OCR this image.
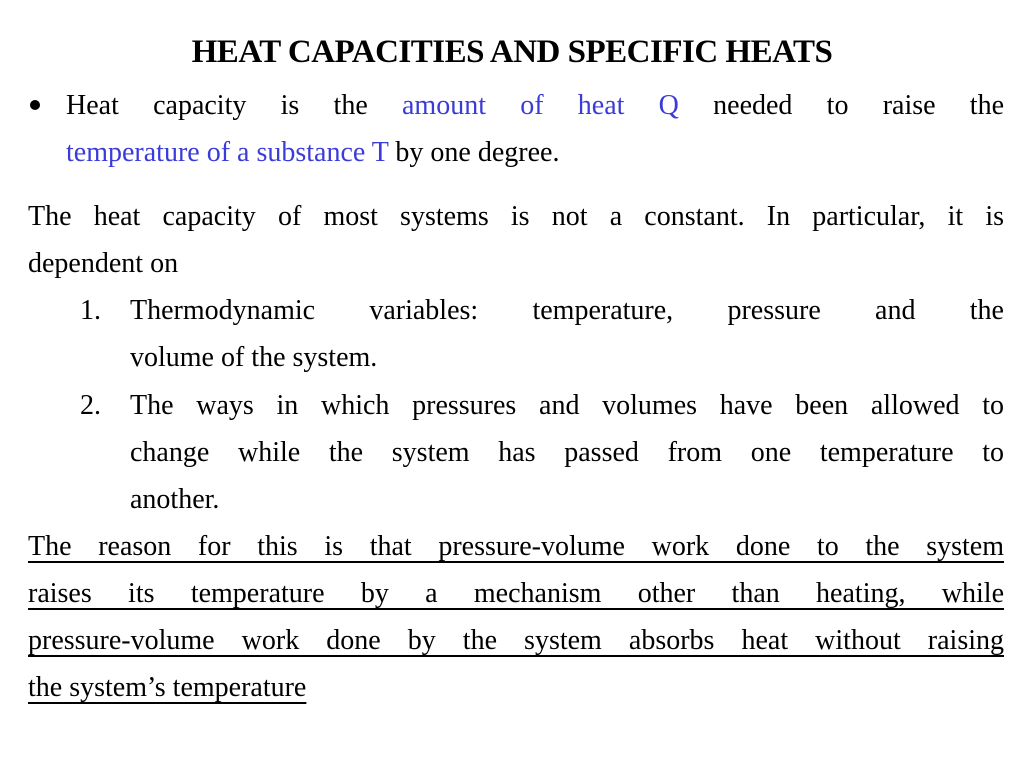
HEAT CAPACITIES AND SPECIFIC HEATS
Heat capacity is the amount of heat Q needed to raise the
temperature of a substance T by one degree.
The heat capacity of most systems is not a constant. In particular, it is
dependent on
1. Thermodynamic variables: temperature, pressure and the
volume of the system.
2. The ways in which pressures and volumes have been allowed to
change while the system has passed from one temperature to
another.
The reason for this is that pressure-volume work done to the system
raises its temperature by a mechanism other than heating, while
pressure-volume work done by the system absorbs heat without raising
the system’s temperature
